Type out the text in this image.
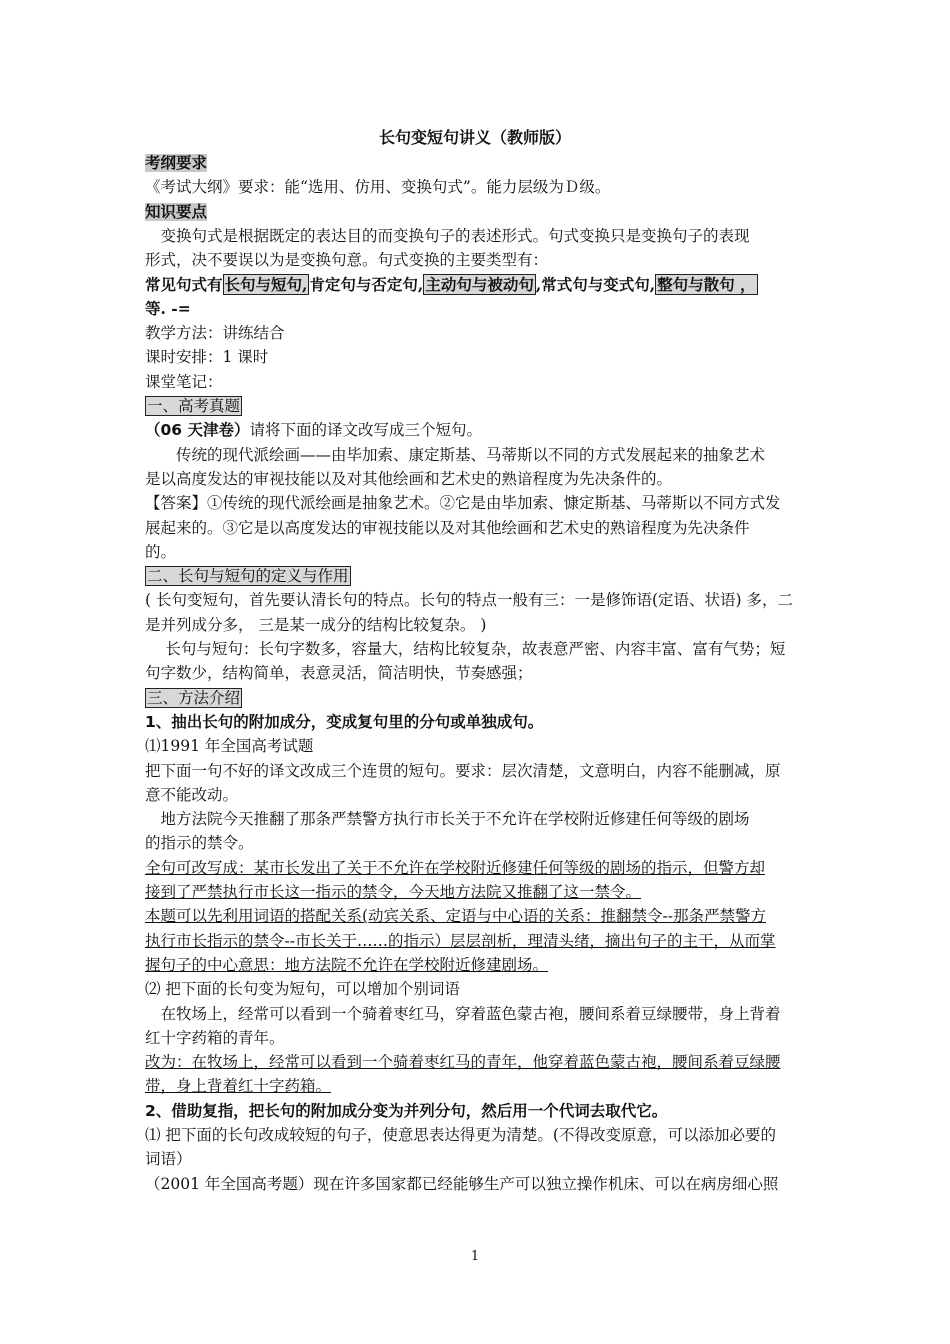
长句变短句讲义（教师版）
考纲要求
《考试大纲》要求：能“选用、仿用、变换句式”。能力层级为Ｄ级。
知识要点
　变换句式是根据既定的表达目的而变换句子的表述形式。句式变换只是变换句子的表现
形式，决不要误以为是变换句意。句式变换的主要类型有：
常见句式有 长句与短句, 肯定句与否定句, 主动句与被动句 ,常式句与变式句, 整句与散句 ，
等. -=
教学方法：讲练结合
课时安排：1 课时
课堂笔记：
一、高考真题
（06 天津卷）请将下面的译文改写成三个短句。
　　传统的现代派绘画——由毕加索、康定斯基、马蒂斯以不同的方式发展起来的抽象艺术
是以高度发达的审视技能以及对其他绘画和艺术史的熟谙程度为先决条件的。
【答案】①传统的现代派绘画是抽象艺术。②它是由毕加索、慷定斯基、马蒂斯以不同方式发
展起来的。③它是以高度发达的审视技能以及对其他绘画和艺术史的熟谙程度为先决条件
的。
二、长句与短句的定义与作用
( 长句变短句，首先要认清长句的特点。长句的特点一般有三：一是修饰语(定语、状语) 多，二
是并列成分多， 三是某一成分的结构比较复杂。 )
　 长句与短句：长句字数多，容量大，结构比较复杂，故表意严密、内容丰富、富有气势；短
句字数少，结构简单，表意灵活，简洁明快，节奏感强；
三、方法介绍
1、抽出长句的附加成分，变成复句里的分句或单独成句。
⑴1991 年全国高考试题
把下面一句不好的译文改成三个连贯的短句。要求：层次清楚，文意明白，内容不能删减，原
意不能改动。
　地方法院今天推翻了那条严禁警方执行市长关于不允许在学校附近修建任何等级的剧场
的指示的禁令。
全句可改写成：某市长发出了关于不允许在学校附近修建任何等级的剧场的指示，但警方却
接到了严禁执行市长这一指示的禁令，今天地方法院又推翻了这一禁令。
本题可以先利用词语的搭配关系(动宾关系、定语与中心语的关系：推翻禁令--那条严禁警方
执行市长指示的禁令--市长关于……的指示）层层剖析，理清头绪，摘出句子的主干，从而掌
握句子的中心意思：地方法院不允许在学校附近修建剧场。
⑵ 把下面的长句变为短句，可以增加个别词语
　在牧场上，经常可以看到一个骑着枣红马，穿着蓝色蒙古袍，腰间系着豆绿腰带，身上背着
红十字药箱的青年。
改为：在牧场上，经常可以看到一个骑着枣红马的青年，他穿着蓝色蒙古袍，腰间系着豆绿腰
带，身上背着红十字药箱。
2、借助复指，把长句的附加成分变为并列分句，然后用一个代词去取代它。
⑴ 把下面的长句改成较短的句子，使意思表达得更为清楚。(不得改变原意，可以添加必要的
词语）
（2001 年全国高考题）现在许多国家都已经能够生产可以独立操作机床、可以在病房细心照
1
